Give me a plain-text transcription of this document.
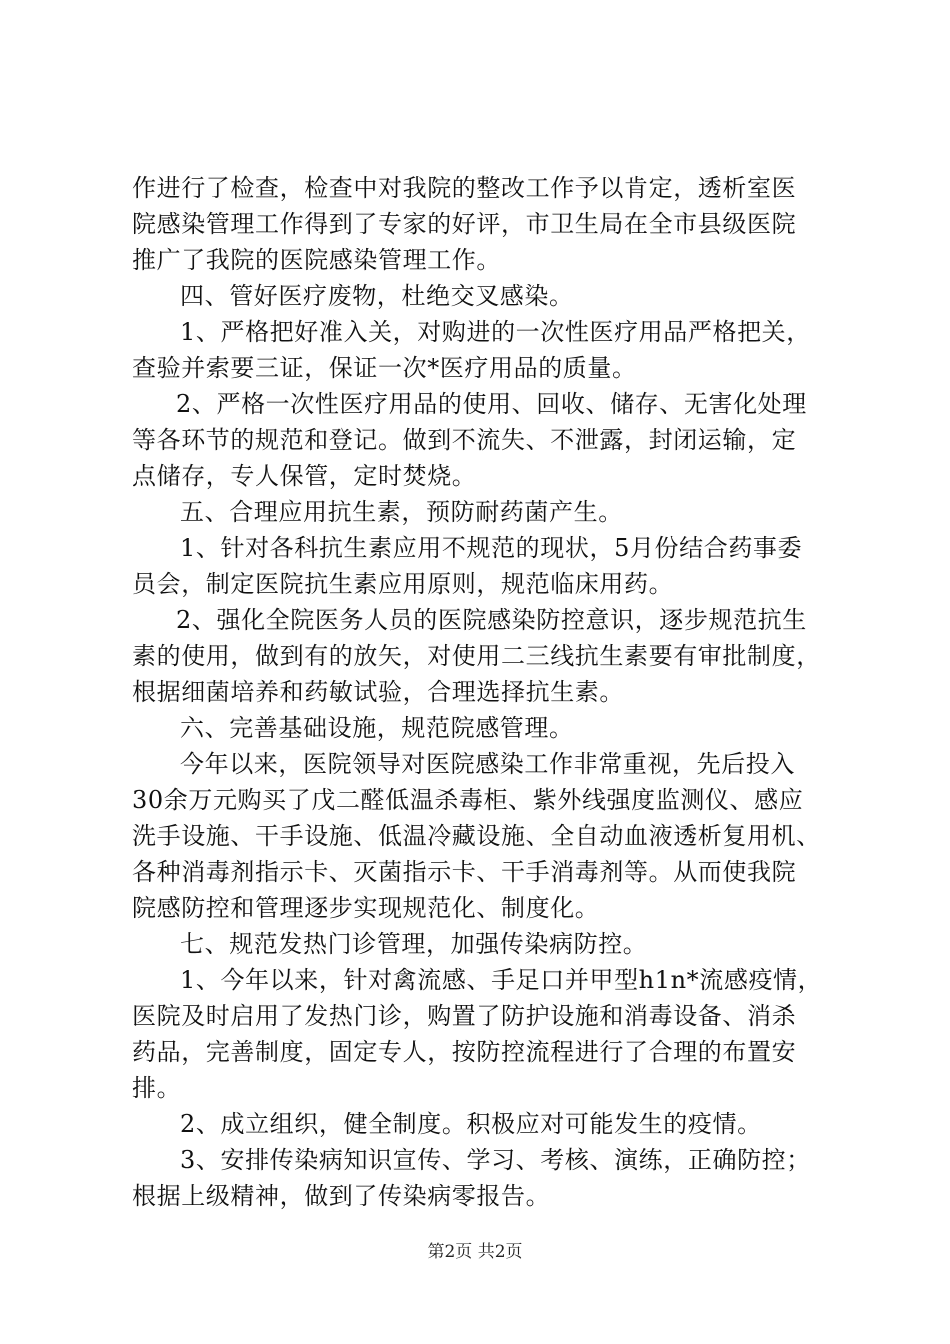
作进行了检查，检查中对我院的整改工作予以肯定，透析室医
院感染管理工作得到了专家的好评，市卫生局在全市县级医院
推广了我院的医院感染管理工作。
四、管好医疗废物，杜绝交叉感染。
1、严格把好准入关，对购进的一次性医疗用品严格把关，
查验并索要三证，保证一次*医疗用品的质量。
2、严格一次性医疗用品的使用、回收、储存、无害化处理
等各环节的规范和登记。做到不流失、不泄露，封闭运输，定
点储存，专人保管，定时焚烧。
五、合理应用抗生素，预防耐药菌产生。
1、针对各科抗生素应用不规范的现状，5月份结合药事委
员会，制定医院抗生素应用原则，规范临床用药。
2、强化全院医务人员的医院感染防控意识，逐步规范抗生
素的使用，做到有的放矢，对使用二三线抗生素要有审批制度，
根据细菌培养和药敏试验，合理选择抗生素。
六、完善基础设施，规范院感管理。
今年以来，医院领导对医院感染工作非常重视，先后投入
30余万元购买了戊二醛低温杀毒柜、紫外线强度监测仪、感应
洗手设施、干手设施、低温冷藏设施、全自动血液透析复用机、
各种消毒剂指示卡、灭菌指示卡、干手消毒剂等。从而使我院
院感防控和管理逐步实现规范化、制度化。
七、规范发热门诊管理，加强传染病防控。
1、今年以来，针对禽流感、手足口并甲型h1n*流感疫情，
医院及时启用了发热门诊，购置了防护设施和消毒设备、消杀
药品，完善制度，固定专人，按防控流程进行了合理的布置安
排。
2、成立组织，健全制度。积极应对可能发生的疫情。
3、安排传染病知识宣传、学习、考核、演练，正确防控；
根据上级精神，做到了传染病零报告。
第2页 共2页
